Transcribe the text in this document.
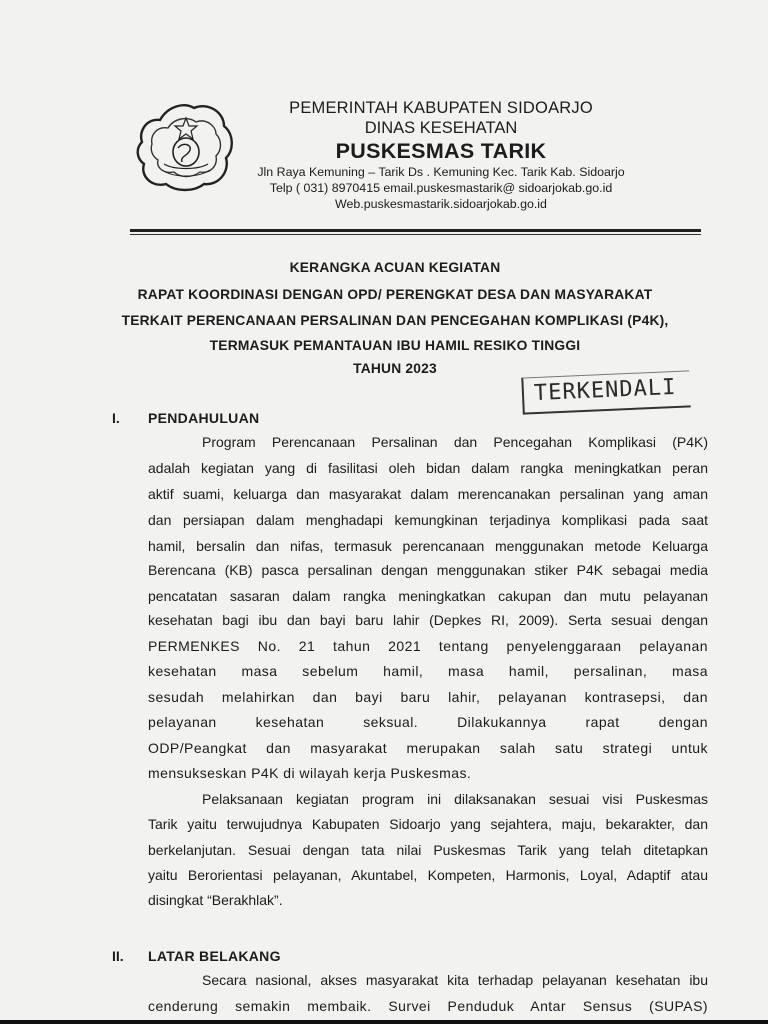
PEMERINTAH KABUPATEN SIDOARJO
DINAS KESEHATAN
PUSKESMAS TARIK
Jln Raya Kemuning – Tarik Ds . Kemuning Kec. Tarik Kab. Sidoarjo
Telp ( 031) 8970415 email.puskesmastarik@ sidoarjokab.go.id
Web.puskesmastarik.sidoarjokab.go.id
KERANGKA ACUAN KEGIATAN
RAPAT KOORDINASI DENGAN OPD/ PERENGKAT DESA DAN MASYARAKAT
TERKAIT PERENCANAAN PERSALINAN DAN PENCEGAHAN KOMPLIKASI (P4K),
TERMASUK PEMANTAUAN IBU HAMIL RESIKO TINGGI
TAHUN 2023
TERKENDALI
I. PENDAHULUAN
Program Perencanaan Persalinan dan Pencegahan Komplikasi (P4K)
adalah kegiatan yang di fasilitasi oleh bidan dalam rangka meningkatkan peran
aktif suami, keluarga dan masyarakat dalam merencanakan persalinan yang aman
dan persiapan dalam menghadapi kemungkinan terjadinya komplikasi pada saat
hamil, bersalin dan nifas, termasuk perencanaan menggunakan metode Keluarga
Berencana (KB) pasca persalinan dengan menggunakan stiker P4K sebagai media
pencatatan sasaran dalam rangka meningkatkan cakupan dan mutu pelayanan
kesehatan bagi ibu dan bayi baru lahir (Depkes RI, 2009). Serta sesuai dengan
PERMENKES No. 21 tahun 2021 tentang penyelenggaraan pelayanan
kesehatan masa sebelum hamil, masa hamil, persalinan, masa
sesudah melahirkan dan bayi baru lahir, pelayanan kontrasepsi, dan
pelayanan kesehatan seksual. Dilakukannya rapat dengan
ODP/Peangkat dan masyarakat merupakan salah satu strategi untuk
mensukseskan P4K di wilayah kerja Puskesmas.
Pelaksanaan kegiatan program ini dilaksanakan sesuai visi Puskesmas
Tarik yaitu terwujudnya Kabupaten Sidoarjo yang sejahtera, maju, bekarakter, dan
berkelanjutan. Sesuai dengan tata nilai Puskesmas Tarik yang telah ditetapkan
yaitu Berorientasi pelayanan, Akuntabel, Kompeten, Harmonis, Loyal, Adaptif atau
disingkat “Berakhlak”.
II. LATAR BELAKANG
Secara nasional, akses masyarakat kita terhadap pelayanan kesehatan ibu
cenderung semakin membaik. Survei Penduduk Antar Sensus (SUPAS)
